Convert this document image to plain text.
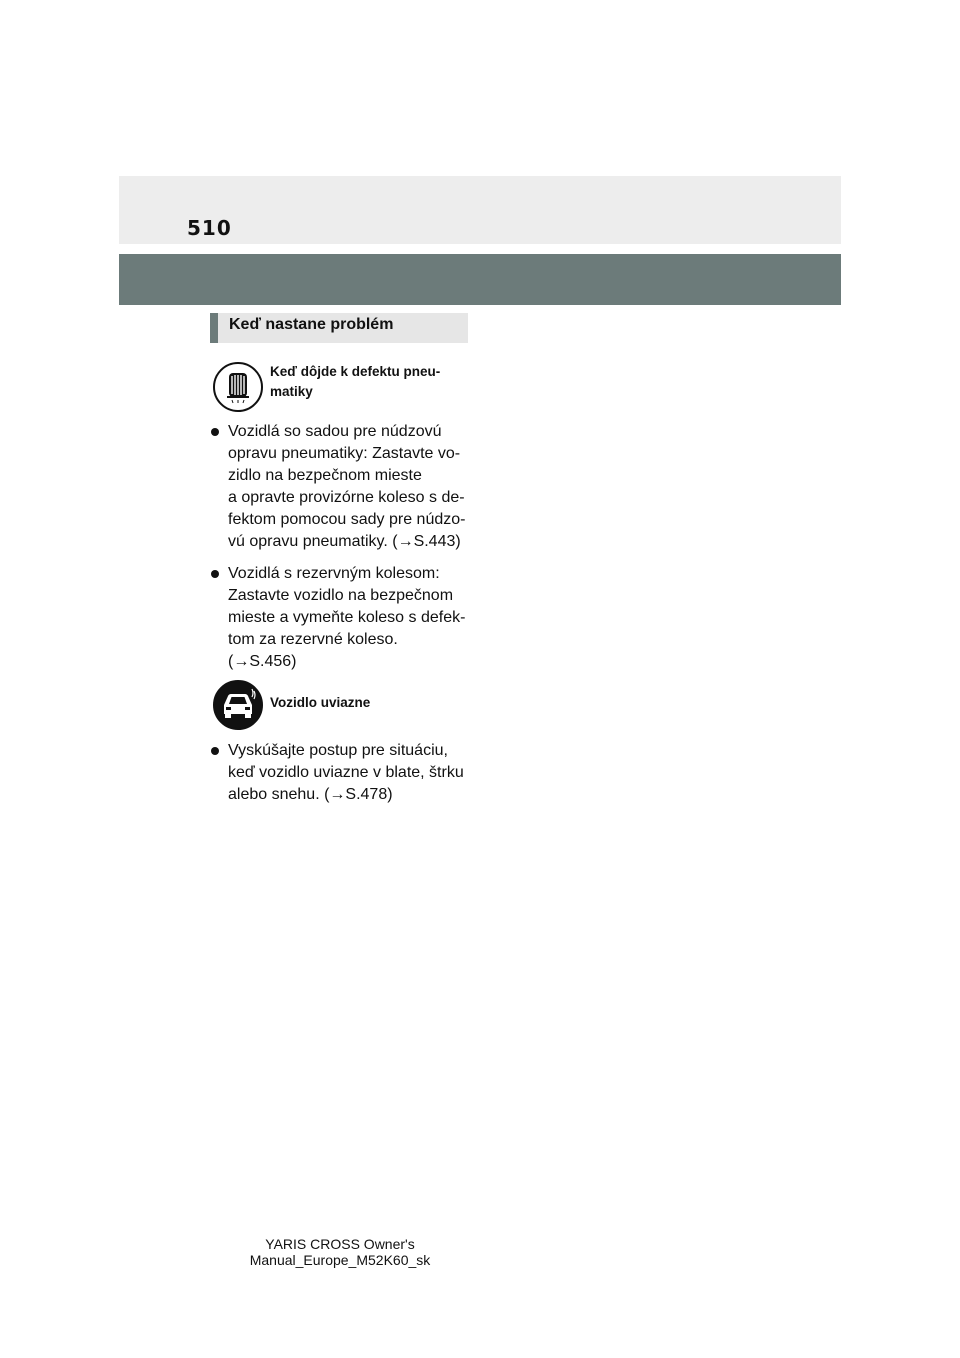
510
Keď nastane problém
Keď dôjde k defektu pneu-
matiky
Vozidlá so sadou pre núdzovú
opravu pneumatiky: Zastavte vo-
zidlo na bezpečnom mieste
a opravte provizórne koleso s de-
fektom pomocou sady pre núdzo-
vú opravu pneumatiky. (→S.443)
Vozidlá s rezervným kolesom:
Zastavte vozidlo na bezpečnom
mieste a vymeňte koleso s defek-
tom za rezervné koleso.
(→S.456)
Vozidlo uviazne
Vyskúšajte postup pre situáciu,
keď vozidlo uviazne v blate, štrku
alebo snehu. (→S.478)
YARIS CROSS Owner's Manual_Europe_M52K60_sk
